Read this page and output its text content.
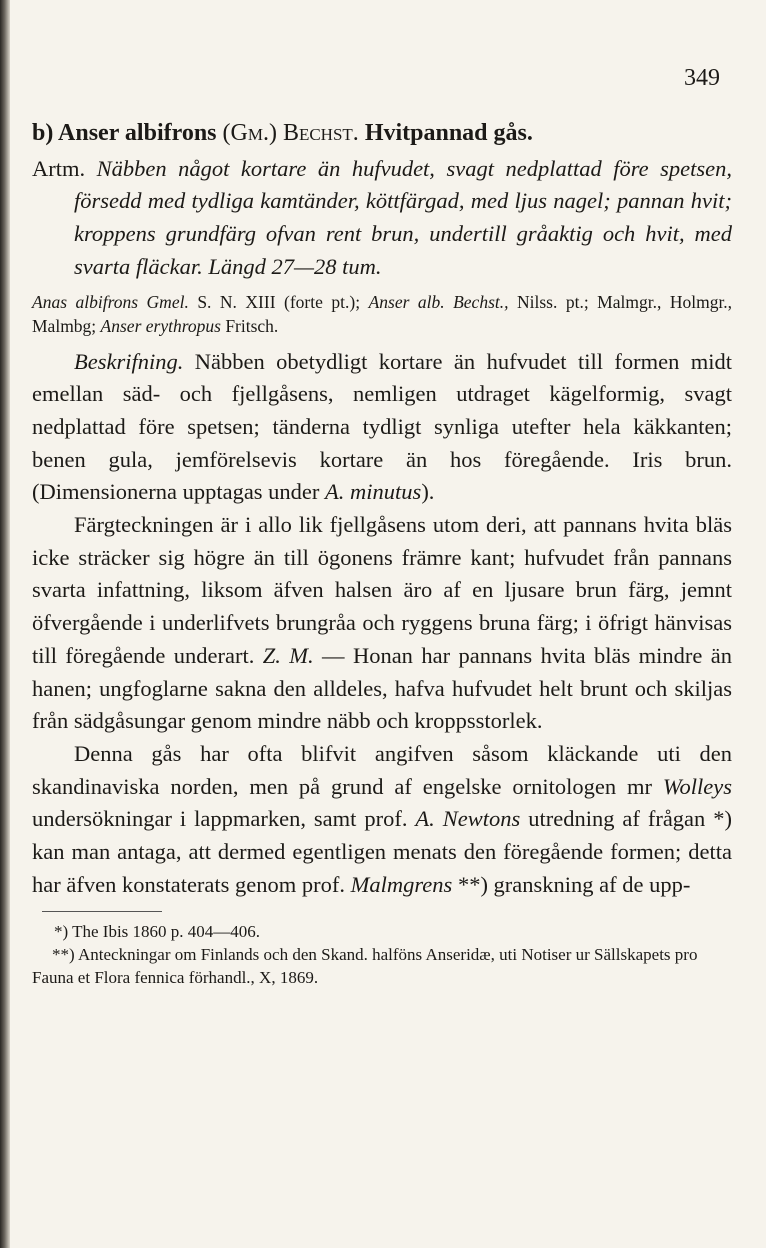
349
b) Anser albifrons (Gm.) Bechst. Hvitpannad gås.
Artm. Näbben något kortare än hufvudet, svagt nedplattad före spetsen, försedd med tydliga kamtänder, köttfärgad, med ljus nagel; pannan hvit; kroppens grundfärg ofvan rent brun, undertill gråaktig och hvit, med svarta fläckar. Längd 27—28 tum.
Anas albifrons Gmel. S. N. XIII (forte pt.); Anser alb. Bechst., Nilss. pt.; Malmgr., Holmgr., Malmbg; Anser erythropus Fritsch.
Beskrifning. Näbben obetydligt kortare än hufvudet till formen midt emellan säd- och fjellgåsens, nemligen utdraget kägelformig, svagt nedplattad före spetsen; tänderna tydligt synliga utefter hela käkkanten; benen gula, jemförelsevis kortare än hos föregående. Iris brun. (Dimensionerna upptagas under A. minutus).
Färgteckningen är i allo lik fjellgåsens utom deri, att pannans hvita bläs icke sträcker sig högre än till ögonens främre kant; hufvudet från pannans svarta infattning, liksom äfven halsen äro af en ljusare brun färg, jemnt öfvergående i underlifvets brungråa och ryggens bruna färg; i öfrigt hänvisas till föregående underart. Z. M. — Honan har pannans hvita bläs mindre än hanen; ungfoglarne sakna den alldeles, hafva hufvudet helt brunt och skiljas från sädgåsungar genom mindre näbb och kroppsstorlek.
Denna gås har ofta blifvit angifven såsom kläckande uti den skandinaviska norden, men på grund af engelske ornitologen mr Wolleys undersökningar i lappmarken, samt prof. A. Newtons utredning af frågan *) kan man antaga, att dermed egentligen menats den föregående formen; detta har äfven konstaterats genom prof. Malmgrens **) granskning af de upp-
*) The Ibis 1860 p. 404—406.
**) Anteckningar om Finlands och den Skand. halföns Anseridæ, uti Notiser ur Sällskapets pro Fauna et Flora fennica förhandl., X, 1869.
